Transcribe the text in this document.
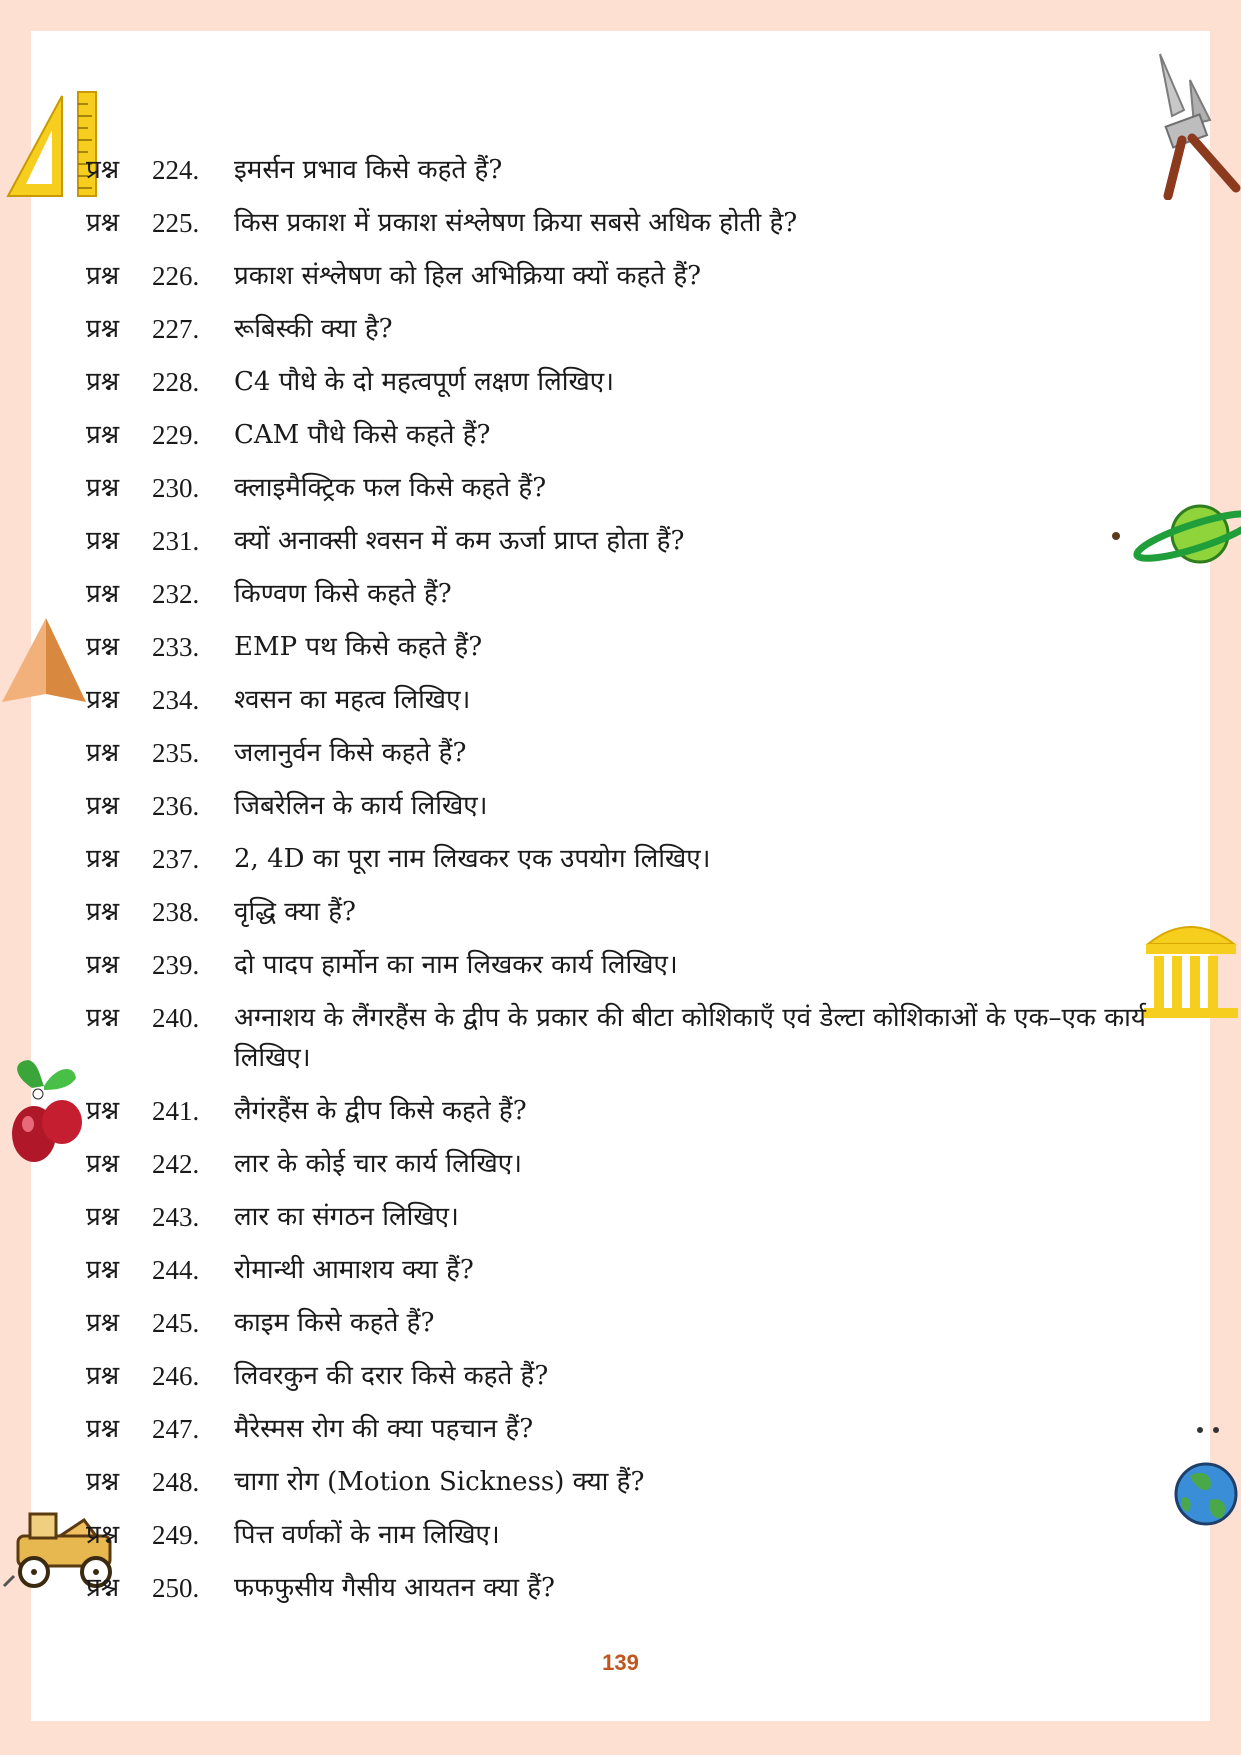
प्रश्न	224.	इमर्सन प्रभाव किसे कहते हैं?
प्रश्न	225.	किस प्रकाश में प्रकाश संश्लेषण क्रिया सबसे अधिक होती है?
प्रश्न	226.	प्रकाश संश्लेषण को हिल अभिक्रिया क्यों कहते हैं?
प्रश्न	227.	रूबिस्की क्या है?
प्रश्न	228.	C4 पौधे के दो महत्वपूर्ण लक्षण लिखिए।
प्रश्न	229.	CAM पौधे किसे कहते हैं?
प्रश्न	230.	क्लाइमैक्ट्रिक फल किसे कहते हैं?
प्रश्न	231.	क्यों अनाक्सी श्वसन में कम ऊर्जा प्राप्त होता हैं?
प्रश्न	232.	किण्वण किसे कहते हैं?
प्रश्न	233.	EMP पथ किसे कहते हैं?
प्रश्न	234.	श्वसन का महत्व लिखिए।
प्रश्न	235.	जलानुर्वन किसे कहते हैं?
प्रश्न	236.	जिबरेलिन के कार्य लिखिए।
प्रश्न	237.	2, 4D का पूरा नाम लिखकर एक उपयोग लिखिए।
प्रश्न	238.	वृद्धि क्या हैं?
प्रश्न	239.	दो पादप हार्मोन का नाम लिखकर कार्य लिखिए।
प्रश्न	240.	अग्नाशय के लैंगरहैंस के द्वीप के प्रकार की बीटा कोशिकाएँ एवं डेल्टा कोशिकाओं के एक–एक कार्य लिखिए।
प्रश्न	241.	लैगंरहैंस के द्वीप किसे कहते हैं?
प्रश्न	242.	लार के कोई चार कार्य लिखिए।
प्रश्न	243.	लार का संगठन लिखिए।
प्रश्न	244.	रोमान्थी आमाशय क्या हैं?
प्रश्न	245.	काइम किसे कहते हैं?
प्रश्न	246.	लिवरकुन की दरार किसे कहते हैं?
प्रश्न	247.	मैरेस्मस रोग की क्या पहचान हैं?
प्रश्न	248.	चागा रोग (Motion Sickness) क्या हैं?
प्रश्न	249.	पित्त वर्णकों के नाम लिखिए।
प्रश्न	250.	फफफुसीय गैसीय आयतन क्या हैं?
139
